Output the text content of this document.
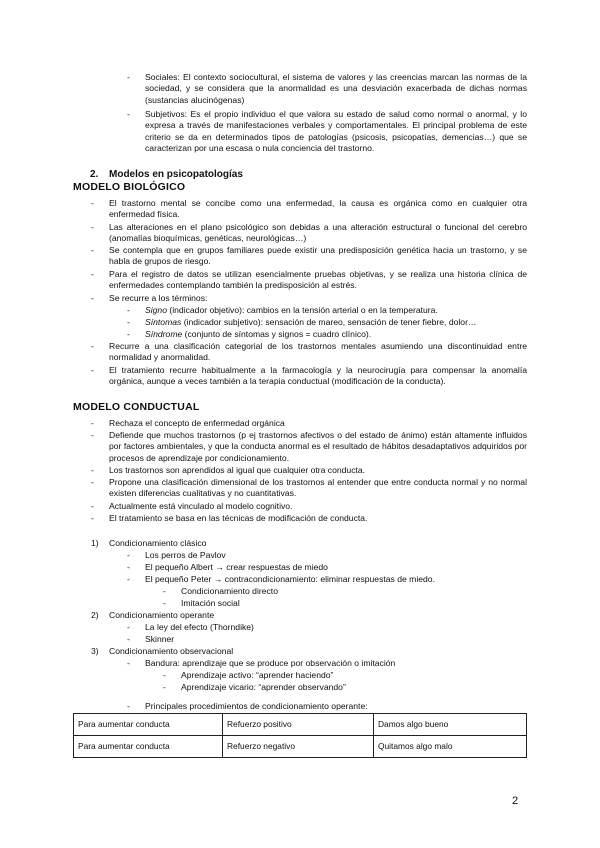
- Sociales: El contexto sociocultural, el sistema de valores y las creencias marcan las normas de la sociedad, y se considera que la anormalidad es una desviación exacerbada de dichas normas (sustancias alucinógenas)
- Subjetivos: Es el propio individuo el que valora su estado de salud como normal o anormal, y lo expresa a través de manifestaciones verbales y comportamentales. El principal problema de este criterio se da en determinados tipos de patologías (psicosis, psicopatías, demencias…) que se caracterizan por una escasa o nula conciencia del trastorno.
2. Modelos en psicopatologías
MODELO BIOLÓGICO
- El trastorno mental se concibe como una enfermedad, la causa es orgánica como en cualquier otra enfermedad física.
- Las alteraciones en el plano psicológico son debidas a una alteración estructural o funcional del cerebro (anomalías bioquímicas, genéticas, neurológicas…)
- Se contempla que en grupos familiares puede existir una predisposición genética hacia un trastorno, y se habla de grupos de riesgo.
- Para el registro de datos se utilizan esencialmente pruebas objetivas, y se realiza una historia clínica de enfermedades contemplando también la predisposición al estrés.
- Se recurre a los términos:
- Signo (indicador objetivo): cambios en la tensión arterial o en la temperatura.
- Síntomas (indicador subjetivo): sensación de mareo, sensación de tener fiebre, dolor…
- Síndrome (conjunto de síntomas y signos = cuadro clínico).
- Recurre a una clasificación categorial de los trastornos mentales asumiendo una discontinuidad entre normalidad y anormalidad.
- El tratamiento recurre habitualmente a la farmacología y la neurocirugía para compensar la anomalía orgánica, aunque a veces también a la terapia conductual (modificación de la conducta).
MODELO CONDUCTUAL
- Rechaza el concepto de enfermedad orgánica
- Defiende que muchos trastornos (p ej trastornos afectivos o del estado de ánimo) están altamente influidos por factores ambientales, y que la conducta anormal es el resultado de hábitos desadaptativos adquiridos por procesos de aprendizaje por condicionamiento.
- Los trastornos son aprendidos al igual que cualquier otra conducta.
- Propone una clasificación dimensional de los trastornos al entender que entre conducta normal y no normal existen diferencias cualitativas y no cuantitativas.
- Actualmente está vinculado al modelo cognitivo.
- El tratamiento se basa en las técnicas de modificación de conducta.
1) Condicionamiento clásico
- Los perros de Pavlov
- El pequeño Albert → crear respuestas de miedo
- El pequeño Peter → contracondicionamiento: eliminar respuestas de miedo.
- Condicionamiento directo
- Imitación social
2) Condicionamiento operante
- La ley del efecto (Thorndike)
- Skinner
3) Condicionamiento observacional
- Bandura: aprendizaje que se produce por observación o imitación
- Aprendizaje activo: “aprender haciendo”
- Aprendizaje vicario: “aprender observando”
- Principales procedimientos de condicionamiento operante:
Para aumentar conducta	Refuerzo positivo	Damos algo bueno
Para aumentar conducta	Refuerzo negativo	Quitamos algo malo
2
